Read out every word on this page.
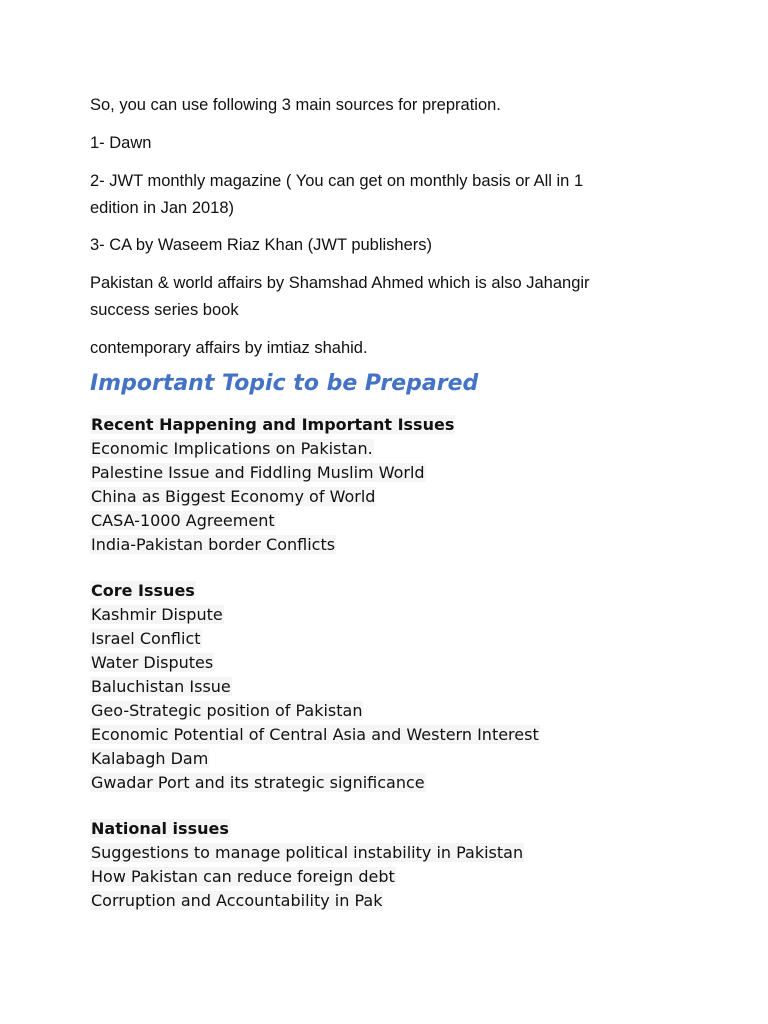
So, you can use following 3 main sources for prepration.
1- Dawn
2- JWT monthly magazine ( You can get on monthly basis or All in 1
edition in Jan 2018)
3- CA by Waseem Riaz Khan (JWT publishers)
Pakistan & world affairs by Shamshad Ahmed which is also Jahangir
success series book
contemporary affairs by imtiaz shahid.
Important Topic to be Prepared
Recent Happening and Important Issues
Economic Implications on Pakistan.
Palestine Issue and Fiddling Muslim World
China as Biggest Economy of World
CASA-1000 Agreement
India-Pakistan border Conflicts
Core Issues
Kashmir Dispute
Israel Conflict
Water Disputes
Baluchistan Issue
Geo-Strategic position of Pakistan
Economic Potential of Central Asia and Western Interest
Kalabagh Dam
Gwadar Port and its strategic significance
National issues
Suggestions to manage political instability in Pakistan
How Pakistan can reduce foreign debt
Corruption and Accountability in Pak
